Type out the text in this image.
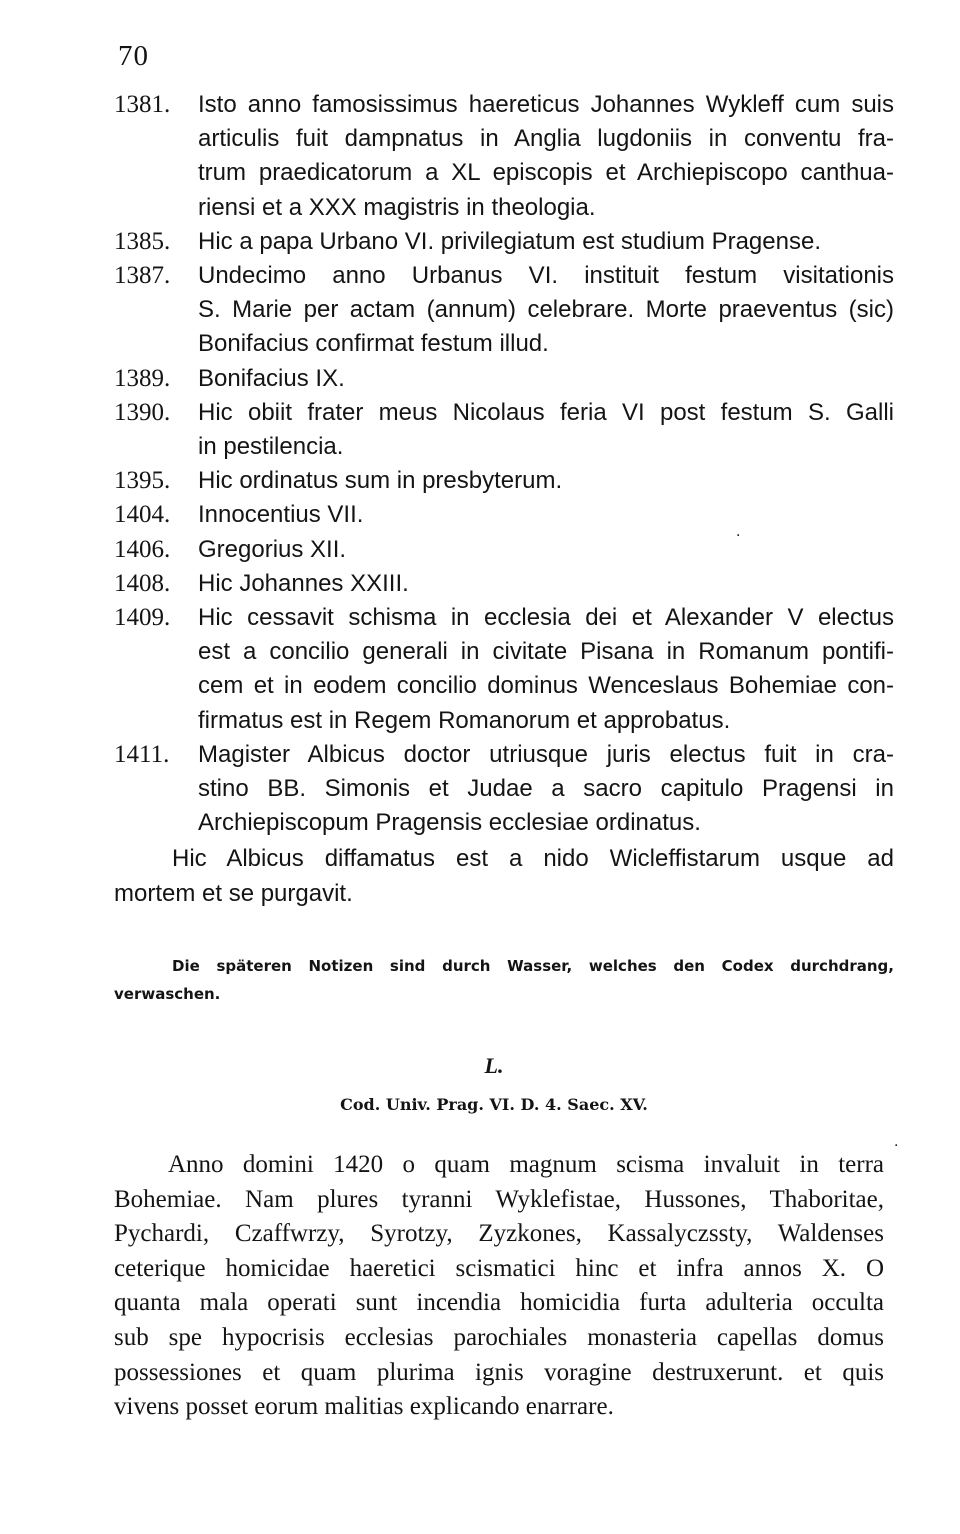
70
1381.	Isto anno famosissimus haereticus Johannes Wykleff cum suis
articulis fuit dampnatus in Anglia lugdoniis in conventu fra-
trum praedicatorum a XL episcopis et Archiepiscopo canthua-
riensi et a XXX magistris in theologia.
1385.	Hic a papa Urbano VI. privilegiatum est studium Pragense.
1387.	Undecimo anno Urbanus VI. instituit festum visitationis
S. Marie per actam (annum) celebrare. Morte praeventus (sic)
Bonifacius confirmat festum illud.
1389.	Bonifacius IX.
1390.	Hic obiit frater meus Nicolaus feria VI post festum S. Galli
in pestilencia.
1395.	Hic ordinatus sum in presbyterum.
1404.	Innocentius VII.
1406.	Gregorius XII.
1408.	Hic Johannes XXIII.
1409.	Hic cessavit schisma in ecclesia dei et Alexander V electus
est a concilio generali in civitate Pisana in Romanum pontifi-
cem et in eodem concilio dominus Wenceslaus Bohemiae con-
firmatus est in Regem Romanorum et approbatus.
1411.	Magister Albicus doctor utriusque juris electus fuit in cra-
stino BB. Simonis et Judae a sacro capitulo Pragensi in
Archiepiscopum Pragensis ecclesiae ordinatus.
Hic Albicus diffamatus est a nido Wicleffistarum usque ad
mortem et se purgavit.
Die späteren Notizen sind durch Wasser, welches den Codex durchdrang,
verwaschen.
L.
Cod. Univ. Prag. VI. D. 4. Saec. XV.
Anno domini 1420 o quam magnum scisma invaluit in terra
Bohemiae. Nam plures tyranni Wyklefistae, Hussones, Thaboritae,
Pychardi, Czaffwrzy, Syrotzy, Zyzkones, Kassalyczssty, Waldenses
ceterique homicidae haeretici scismatici hinc et infra annos X. O
quanta mala operati sunt incendia homicidia furta adulteria occulta
sub spe hypocrisis ecclesias parochiales monasteria capellas domus
possessiones et quam plurima ignis voragine destruxerunt. et quis
vivens posset eorum malitias explicando enarrare.
·
·
